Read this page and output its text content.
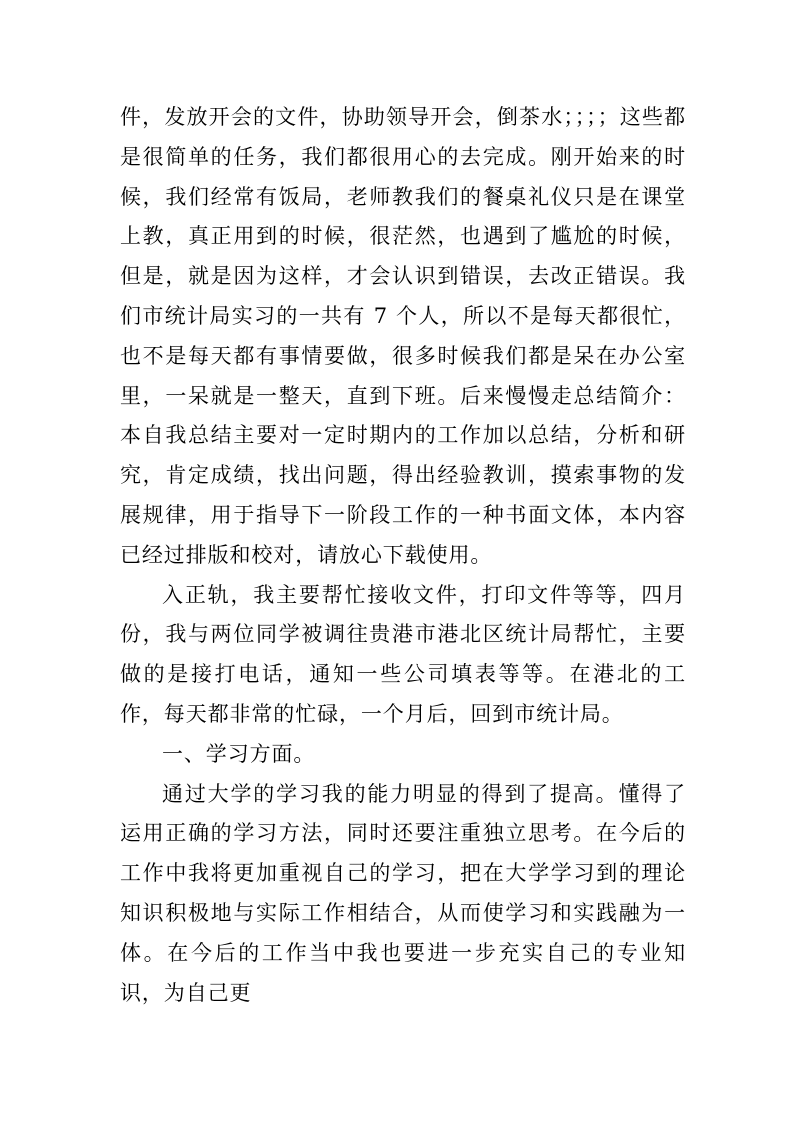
件，发放开会的文件，协助领导开会，倒茶水；；；；这些都是很简单的任务，我们都很用心的去完成。刚开始来的时候，我们经常有饭局，老师教我们的餐桌礼仪只是在课堂上教，真正用到的时候，很茫然，也遇到了尴尬的时候，但是，就是因为这样，才会认识到错误，去改正错误。我们市统计局实习的一共有 7 个人，所以不是每天都很忙，也不是每天都有事情要做，很多时候我们都是呆在办公室里，一呆就是一整天，直到下班。后来慢慢走总结简介：本自我总结主要对一定时期内的工作加以总结，分析和研究，肯定成绩，找出问题，得出经验教训，摸索事物的发展规律，用于指导下一阶段工作的一种书面文体，本内容已经过排版和校对，请放心下载使用。

入正轨，我主要帮忙接收文件，打印文件等等，四月份，我与两位同学被调往贵港市港北区统计局帮忙，主要做的是接打电话，通知一些公司填表等等。在港北的工作，每天都非常的忙碌，一个月后，回到市统计局。

一、学习方面。

通过大学的学习我的能力明显的得到了提高。懂得了运用正确的学习方法，同时还要注重独立思考。在今后的工作中我将更加重视自己的学习，把在大学学习到的理论知识积极地与实际工作相结合，从而使学习和实践融为一体。在今后的工作当中我也要进一步充实自己的专业知识，为自己更
